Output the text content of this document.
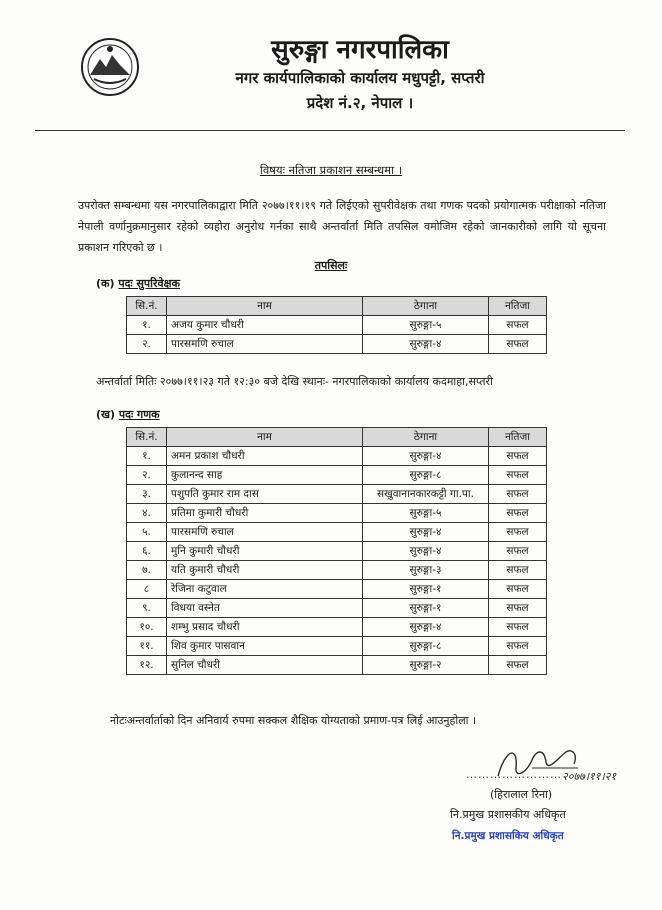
सुरुङ्गा नगरपालिका
नगर कार्यपालिकाको कार्यालय मधुपट्टी, सप्तरी
प्रदेश नं.२, नेपाल ।
विषयः नतिजा प्रकाशन सम्बन्धमा ।
उपरोक्त सम्बन्धमा यस नगरपालिकाद्वारा मिति २०७७।११।१९ गते लिईएको सुपरीवेक्षक तथा गणक पदको प्रयोगात्मक परीक्षाको नतिजा नेपाली वर्णानुक्रमानुसार रहेको व्यहोरा अनुरोध गर्नका साथै अन्तर्वार्ता मिति तपसिल वमोजिम रहेको जानकारीको लागि यो सूचना प्रकाशन गरिएको छ ।
तपसिलः
(क) पदः सुपरिवेक्षक
सि.नं.	नाम	ठेगाना	नतिजा
१.	अजय कुमार चौधरी	सुरुङ्गा-५	सफल
२.	पारसमणि रुचाल	सुरुङ्गा-४	सफल
अन्तर्वार्ता मितिः २०७७।११।२३ गते १२:३० बजे देखि स्थानः- नगरपालिकाको कार्यालय कदमाहा,सप्तरी
(ख) पदः गणक
सि.नं.	नाम	ठेगाना	नतिजा
१.	अमन प्रकाश चौधरी	सुरुङ्गा-४	सफल
२.	कुलानन्द साह	सुरुङ्गा-८	सफल
३.	पशुपति कुमार राम दास	सखुवानानकारकट्टी गा.पा.	सफल
४.	प्रतिमा कुमारी चौधरी	सुरुङ्गा-५	सफल
५.	पारसमणि रुचाल	सुरुङ्गा-४	सफल
६.	मुनि कुमारी चौधरी	सुरुङ्गा-४	सफल
७.	यति कुमारी चौधरी	सुरुङ्गा-३	सफल
८	रेजिना कटुवाल	सुरुङ्गा-१	सफल
९.	विधया वस्नेत	सुरुङ्गा-१	सफल
१०.	शम्भु प्रसाद चौधरी	सुरुङ्गा-४	सफल
११.	शिव कुमार पासवान	सुरुङ्गा-८	सफल
१२.	सुनिल चौधरी	सुरुङ्गा-२	सफल
नोटःअन्तर्वार्ताको दिन अनिवार्य रुपमा सक्कल शैक्षिक योग्यताको प्रमाण-पत्र लिई आउनुहोला ।
२०७७।११।२१
……………………
(हिरालाल रिना)
नि.प्रमुख प्रशासकीय अधिकृत
नि.प्रमुख प्रशासकिय अधिकृत
